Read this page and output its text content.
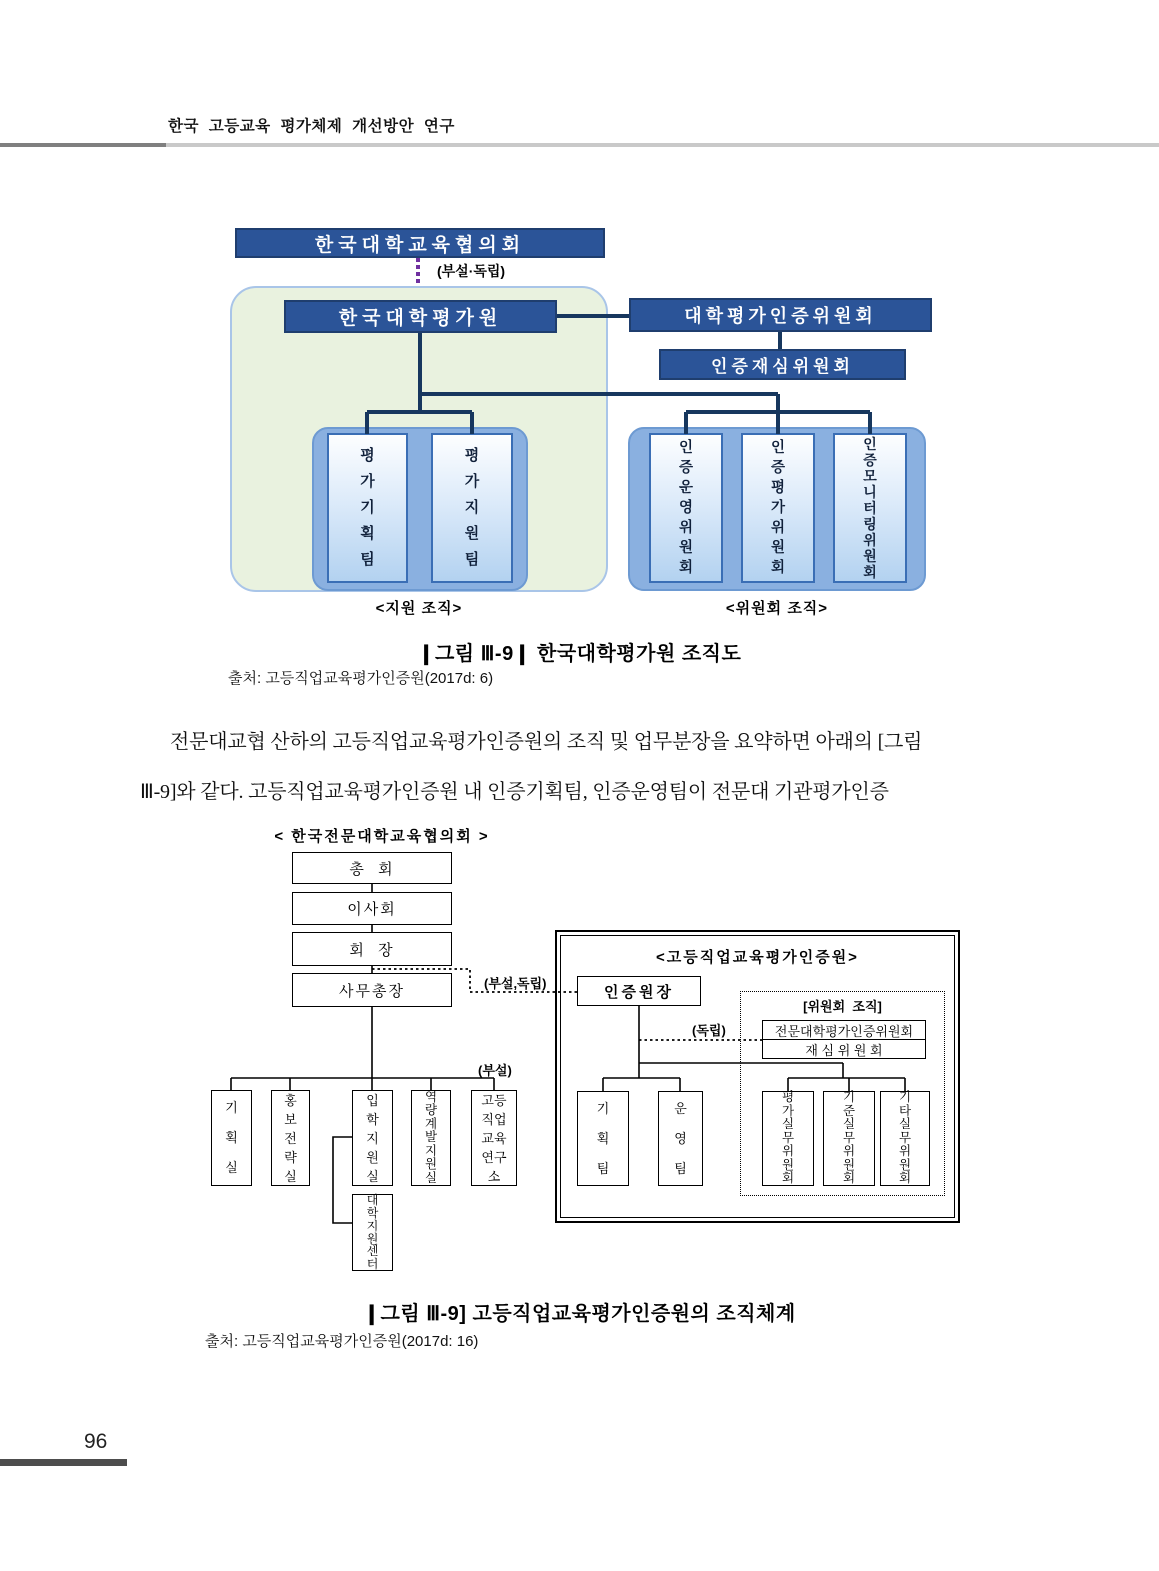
한국 고등교육 평가체제 개선방안 연구
한국대학교육협의회
(부설·독립)
한국대학평가원	대학평가인증위원회
인증재심위원회
평가기획팀
평가지원팀
인증운영위원회
인증평가위원회
인증모니터링위원회
<지원 조직>	<위원회 조직>
❙그림 Ⅲ-9❙ 한국대학평가원 조직도
출처: 고등직업교육평가인증원(2017d: 6)
전문대교협 산하의 고등직업교육평가인증원의 조직 및 업무분장을 요약하면 아래의 [그림
Ⅲ-9]와 같다. 고등직업교육평가인증원 내 인증기획팀, 인증운영팀이 전문대 기관평가인증
< 한국전문대학교육협의회 >
총  회
이사회
회  장
사무총장	(부설,독립)
(부설)
기획실
홍보전략실
입학지원실
역량계발지원실
고등직업교육연구소
대학지원센터
<고등직업교육평가인증원>
인증원장
[위원회  조직]
(독립)	전문대학평가인증위원회
재 심 위 원 회
기획팀
운영팀
평가실무위원회
기준실무위원회
기타실무위원회
❙그림 Ⅲ-9] 고등직업교육평가인증원의 조직체계
출처: 고등직업교육평가인증원(2017d: 16)
96
